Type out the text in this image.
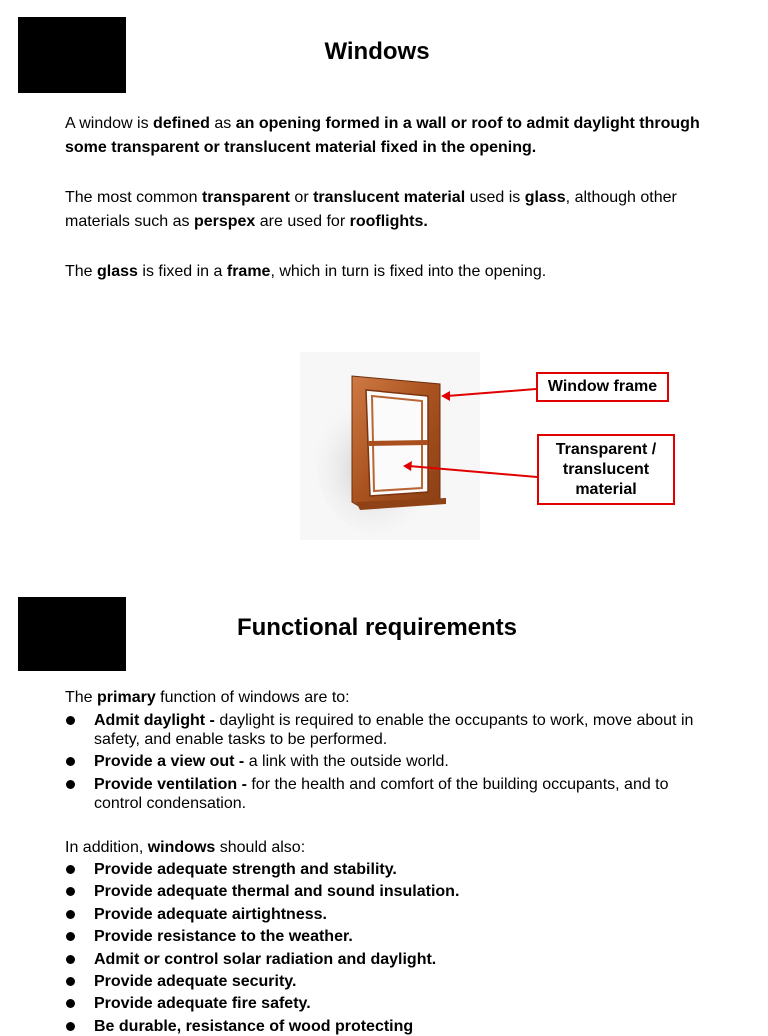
Windows

A window is defined as an opening formed in a wall or roof to admit daylight through some transparent or translucent material fixed in the opening.

The most common transparent or translucent material used is glass, although other materials such as perspex are used for rooflights.

The glass is fixed in a frame, which in turn is fixed into the opening.

Window frame
Transparent /
translucent
material
Functional requirements

The primary function of windows are to:

Admit daylight - daylight is required to enable the occupants to work, move about in safety, and enable tasks to be performed.
Provide a view out - a link with the outside world.
Provide ventilation - for the health and comfort of the building occupants, and to control condensation.

In addition, windows should also:

Provide adequate strength and stability.
Provide adequate thermal and sound insulation.
Provide adequate airtightness.
Provide resistance to the weather.
Admit or control solar radiation and daylight.
Provide adequate security.
Provide adequate fire safety.
Be durable, resistance of wood protecting
